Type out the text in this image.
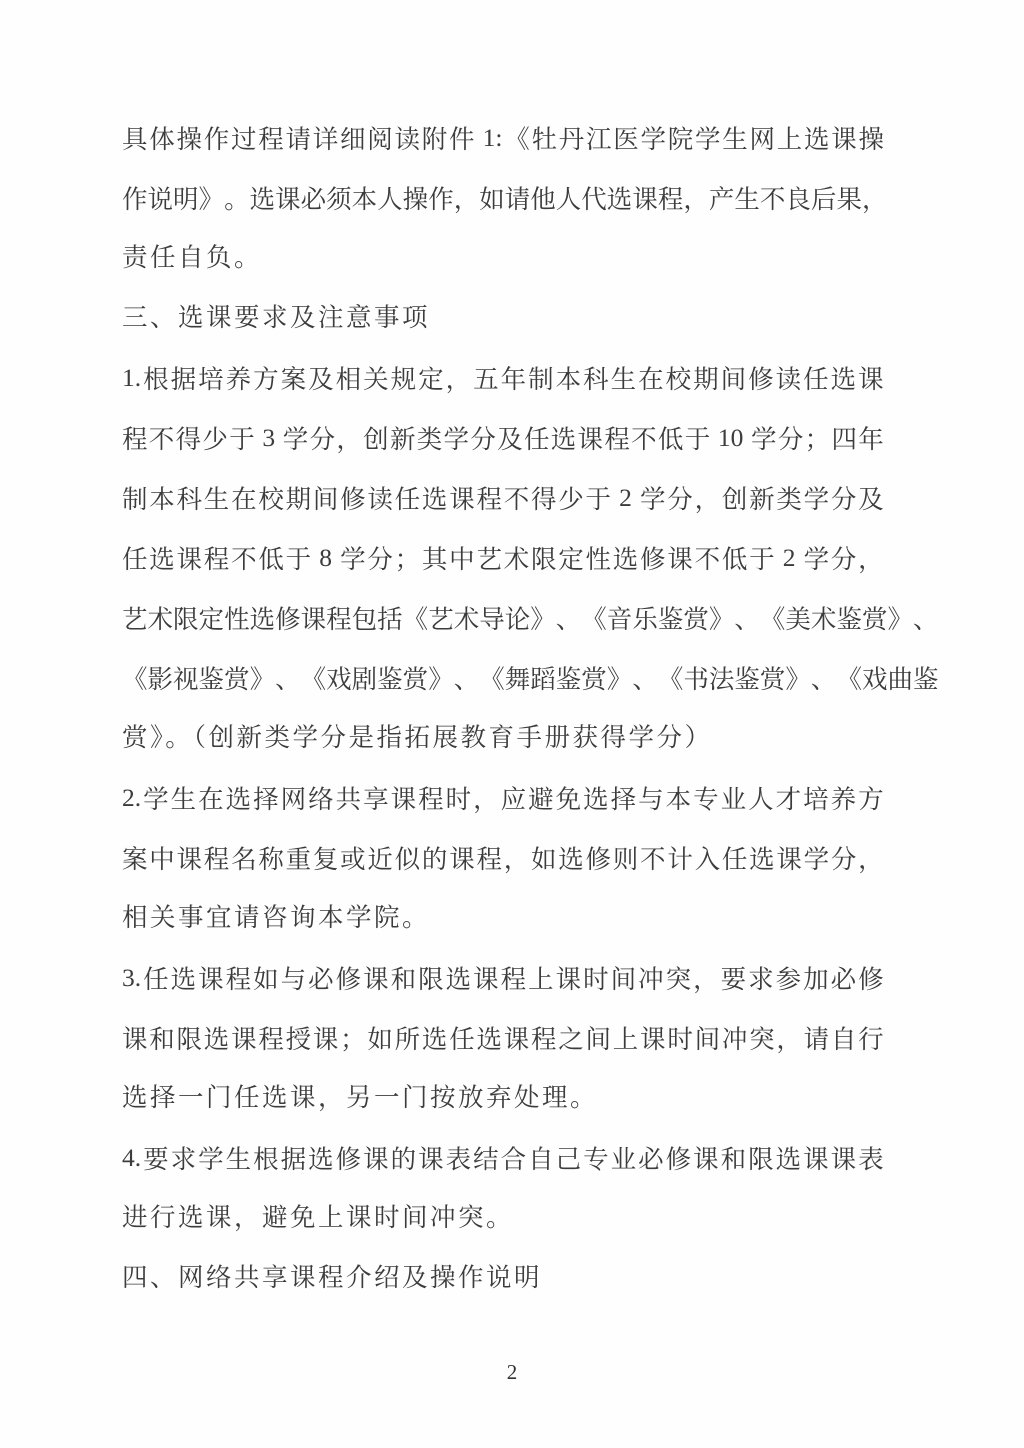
具 体 操 作 过 程 请 详 细 阅 读 附 件 1: 《 牡 丹 江 医 学 院 学 生 网 上 选 课 操
作 说 明 》 。 选 课 必 须 本 人 操 作 ， 如 请 他 人 代 选 课 程 ， 产 生 不 良 后 果 ，
责任自负。
三、选课要求及注意事项
1. 根 据 培 养 方 案 及 相 关 规 定 ， 五 年 制 本 科 生 在 校 期 间 修 读 任 选 课
程 不 得 少 于 3 学 分 ， 创 新 类 学 分 及 任 选 课 程 不 低 于 10 学 分 ； 四 年
制 本 科 生 在 校 期 间 修 读 任 选 课 程 不 得 少 于 2 学 分 ， 创 新 类 学 分 及
任 选 课 程 不 低 于 8 学 分 ； 其 中 艺 术 限 定 性 选 修 课 不 低 于 2 学 分 ，
艺 术 限 定 性 选 修 课 程 包 括 《 艺 术 导 论 》 、 《 音 乐 鉴 赏 》 、 《 美 术 鉴 赏 》 、
《 影 视 鉴 赏 》 、 《 戏 剧 鉴 赏 》 、 《 舞 蹈 鉴 赏 》 、 《 书 法 鉴 赏 》 、 《 戏 曲 鉴
赏》。（创新类学分是指拓展教育手册获得学分）
2. 学 生 在 选 择 网 络 共 享 课 程 时 ， 应 避 免 选 择 与 本 专 业 人 才 培 养 方
案 中 课 程 名 称 重 复 或 近 似 的 课 程 ， 如 选 修 则 不 计 入 任 选 课 学 分 ，
相关事宜请咨询本学院。
3. 任 选 课 程 如 与 必 修 课 和 限 选 课 程 上 课 时 间 冲 突 ， 要 求 参 加 必 修
课 和 限 选 课 程 授 课 ； 如 所 选 任 选 课 程 之 间 上 课 时 间 冲 突 ， 请 自 行
选择一门任选课，另一门按放弃处理。
4. 要 求 学 生 根 据 选 修 课 的 课 表 结 合 自 己 专 业 必 修 课 和 限 选 课 课 表
进行选课，避免上课时间冲突。
四、网络共享课程介绍及操作说明
2
